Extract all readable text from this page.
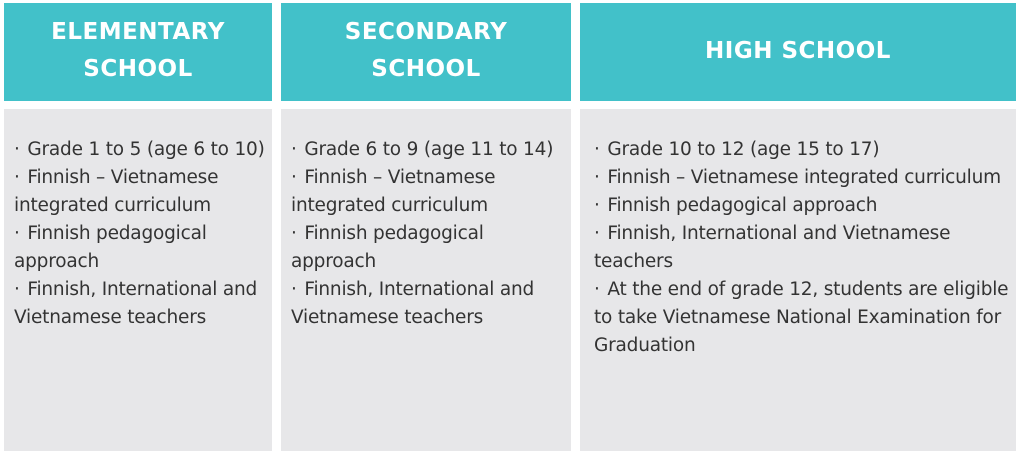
ELEMENTARY
SCHOOL
· Grade 1 to 5 (age 6 to 10)
· Finnish – Vietnamese integrated curriculum
· Finnish pedagogical approach
· Finnish, International and Vietnamese teachers
SECONDARY
SCHOOL
· Grade 6 to 9 (age 11 to 14)
· Finnish – Vietnamese integrated curriculum
· Finnish pedagogical approach
· Finnish, International and Vietnamese teachers
HIGH SCHOOL
· Grade 10 to 12 (age 15 to 17)
· Finnish – Vietnamese integrated curriculum
· Finnish pedagogical approach
· Finnish, International and Vietnamese teachers
· At the end of grade 12, students are eligible to take Vietnamese National Examination for Graduation
